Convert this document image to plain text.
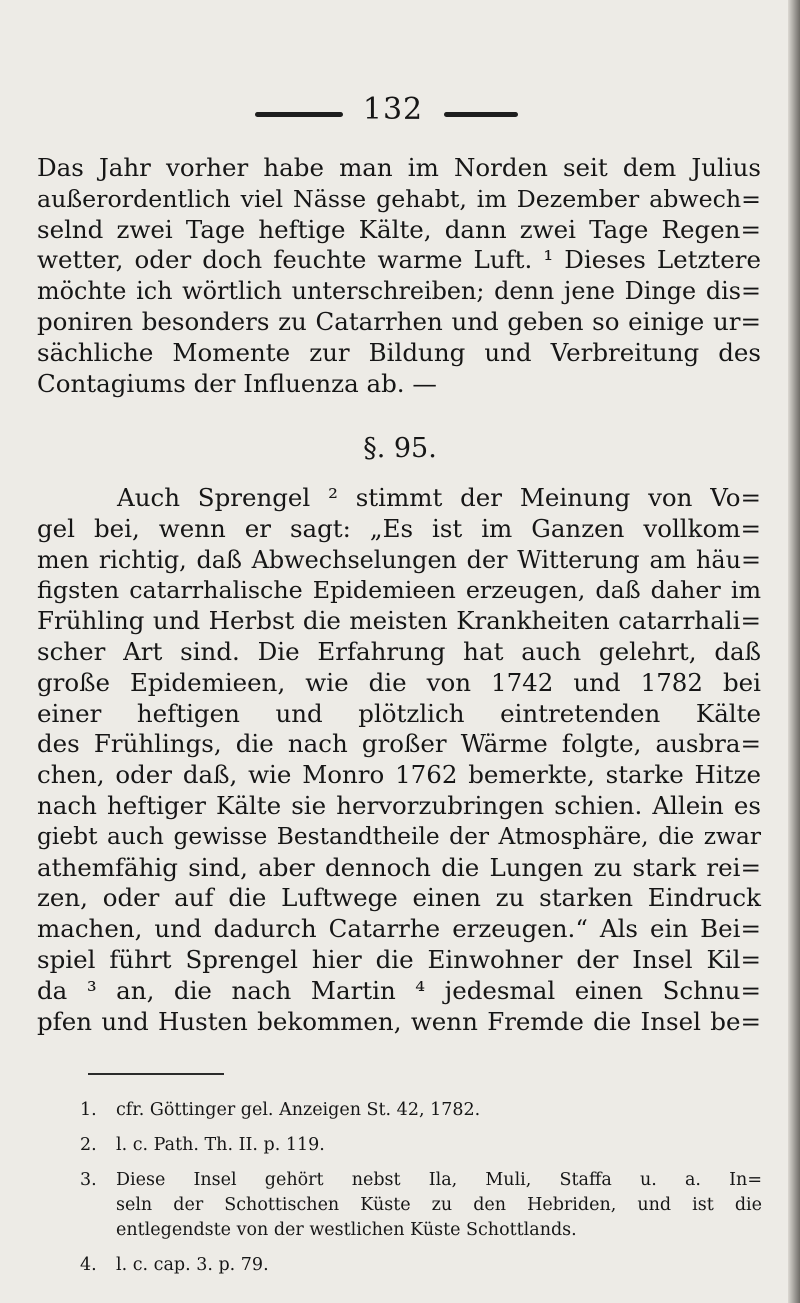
132
Das Jahr vorher habe man im Norden seit dem Julius
außerordentlich viel Nässe gehabt, im Dezember abwech=
selnd zwei Tage heftige Kälte, dann zwei Tage Regen=
wetter, oder doch feuchte warme Luft. ¹ Dieses Letztere
möchte ich wörtlich unterschreiben; denn jene Dinge dis=
poniren besonders zu Catarrhen und geben so einige ur=
sächliche Momente zur Bildung und Verbreitung des
Contagiums der Influenza ab. —
§. 95.
Auch Sprengel ² stimmt der Meinung von Vo=
gel bei, wenn er sagt: „Es ist im Ganzen vollkom=
men richtig, daß Abwechselungen der Witterung am häu=
figsten catarrhalische Epidemieen erzeugen, daß daher im
Frühling und Herbst die meisten Krankheiten catarrhali=
scher Art sind. Die Erfahrung hat auch gelehrt, daß
große Epidemieen, wie die von 1742 und 1782 bei
einer heftigen und plötzlich eintretenden Kälte
des Frühlings, die nach großer Wärme folgte, ausbra=
chen, oder daß, wie Monro 1762 bemerkte, starke Hitze
nach heftiger Kälte sie hervorzubringen schien. Allein es
giebt auch gewisse Bestandtheile der Atmosphäre, die zwar
athemfähig sind, aber dennoch die Lungen zu stark rei=
zen, oder auf die Luftwege einen zu starken Eindruck
machen, und dadurch Catarrhe erzeugen.“ Als ein Bei=
spiel führt Sprengel hier die Einwohner der Insel Kil=
da ³ an, die nach Martin ⁴ jedesmal einen Schnu=
pfen und Husten bekommen, wenn Fremde die Insel be=
1.	cfr. Göttinger gel. Anzeigen St. 42, 1782.
2.	l. c. Path. Th. II. p. 119.
3.	Diese Insel gehört nebst Ila, Muli, Staffa u. a. In=
seln der Schottischen Küste zu den Hebriden, und ist die
entlegendste von der westlichen Küste Schottlands.
4.	l. c. cap. 3. p. 79.
